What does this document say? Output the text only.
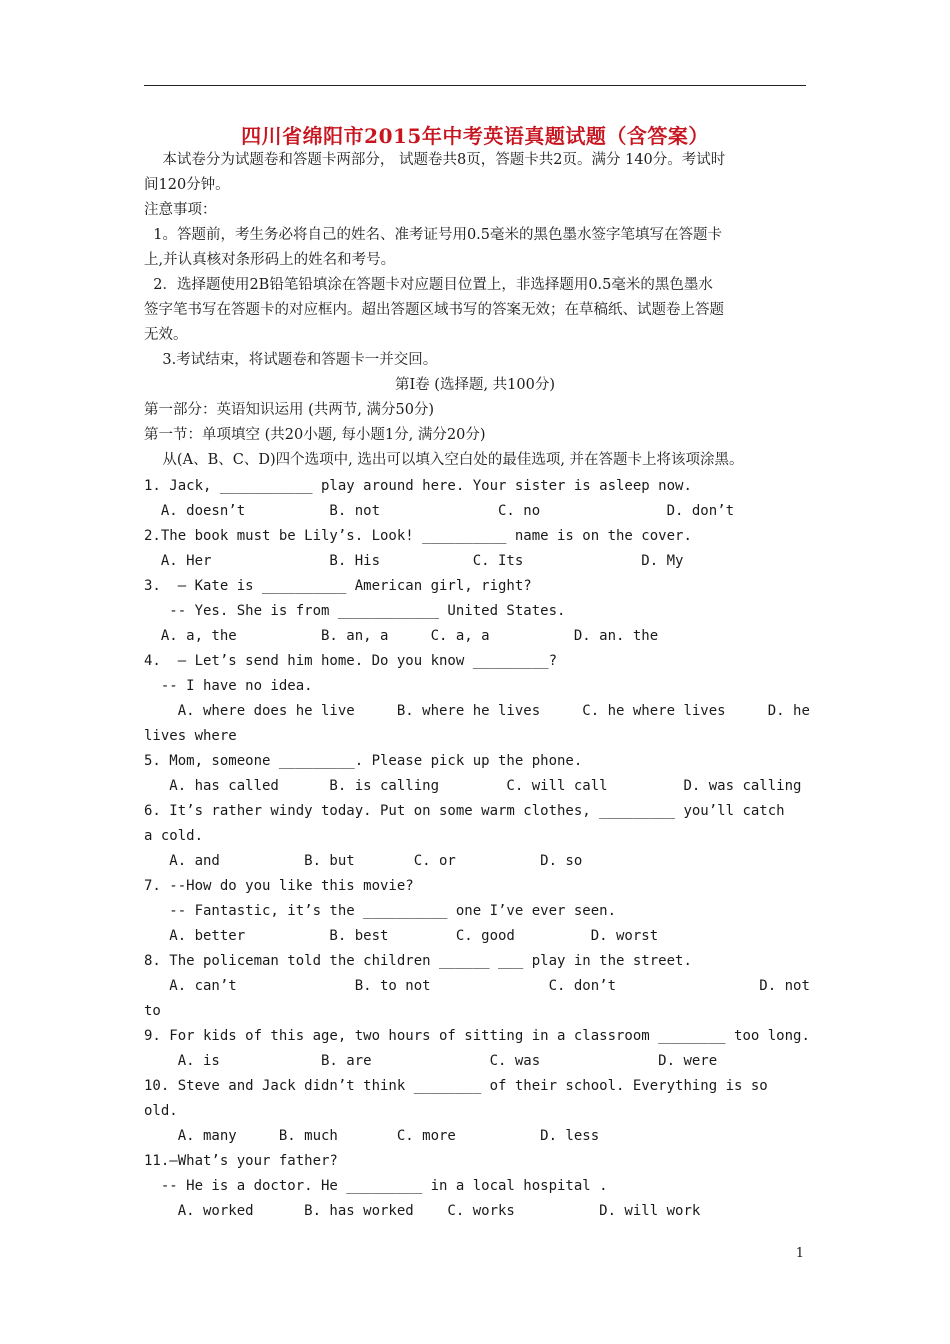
四川省绵阳市2015年中考英语真题试题（含答案）
本试卷分为试题卷和答题卡两部分， 试题卷共8页，答题卡共2页。满分 140分。考试时
间120分钟。
注意事项：
1。答题前，考生务必将自己的姓名、准考证号用0.5毫米的黑色墨水签字笔填写在答题卡
上,并认真核对条形码上的姓名和考号。
2．选择题使用2B铅笔铅填涂在答题卡对应题目位置上，非选择题用0.5毫米的黑色墨水
签字笔书写在答题卡的对应框内。超出答题区域书写的答案无效；在草稿纸、试题卷上答题
无效。
3.考试结束，将试题卷和答题卡一并交回。
第Ⅰ卷 (选择题, 共100分)
第一部分：英语知识运用 (共两节, 满分50分)
第一节：单项填空 (共20小题, 每小题1分, 满分20分)
从(A、B、C、D)四个选项中, 选出可以填入空白处的最佳选项, 并在答题卡上将该项涂黑。
1. Jack, ___________ play around here. Your sister is asleep now.
A. doesn’t          B. not              C. no               D. don’t
2.The book must be Lily’s. Look! __________ name is on the cover.
A. Her              B. His           C. Its              D. My
3.  – Kate is __________ American girl, right?
-- Yes. She is from ____________ United States.
A. a, the          B. an, a     C. a, a          D. an. the
4.  – Let’s send him home. Do you know _________?
-- I have no idea.
A. where does he live     B. where he lives     C. he where lives     D. he
lives where
5. Mom, someone _________. Please pick up the phone.
A. has called      B. is calling        C. will call         D. was calling
6. It’s rather windy today. Put on some warm clothes, _________ you’ll catch
a cold.
A. and          B. but       C. or          D. so
7. --How do you like this movie?
-- Fantastic, it’s the __________ one I’ve ever seen.
A. better          B. best        C. good         D. worst
8. The policeman told the children ______ ___ play in the street.
A. can’t              B. to not              C. don’t                 D. not
to
9. For kids of this age, two hours of sitting in a classroom ________ too long.
A. is            B. are              C. was              D. were
10. Steve and Jack didn’t think ________ of their school. Everything is so
old.
A. many     B. much       C. more          D. less
11.—What’s your father?
-- He is a doctor. He _________ in a local hospital .
A. worked      B. has worked    C. works          D. will work
1
